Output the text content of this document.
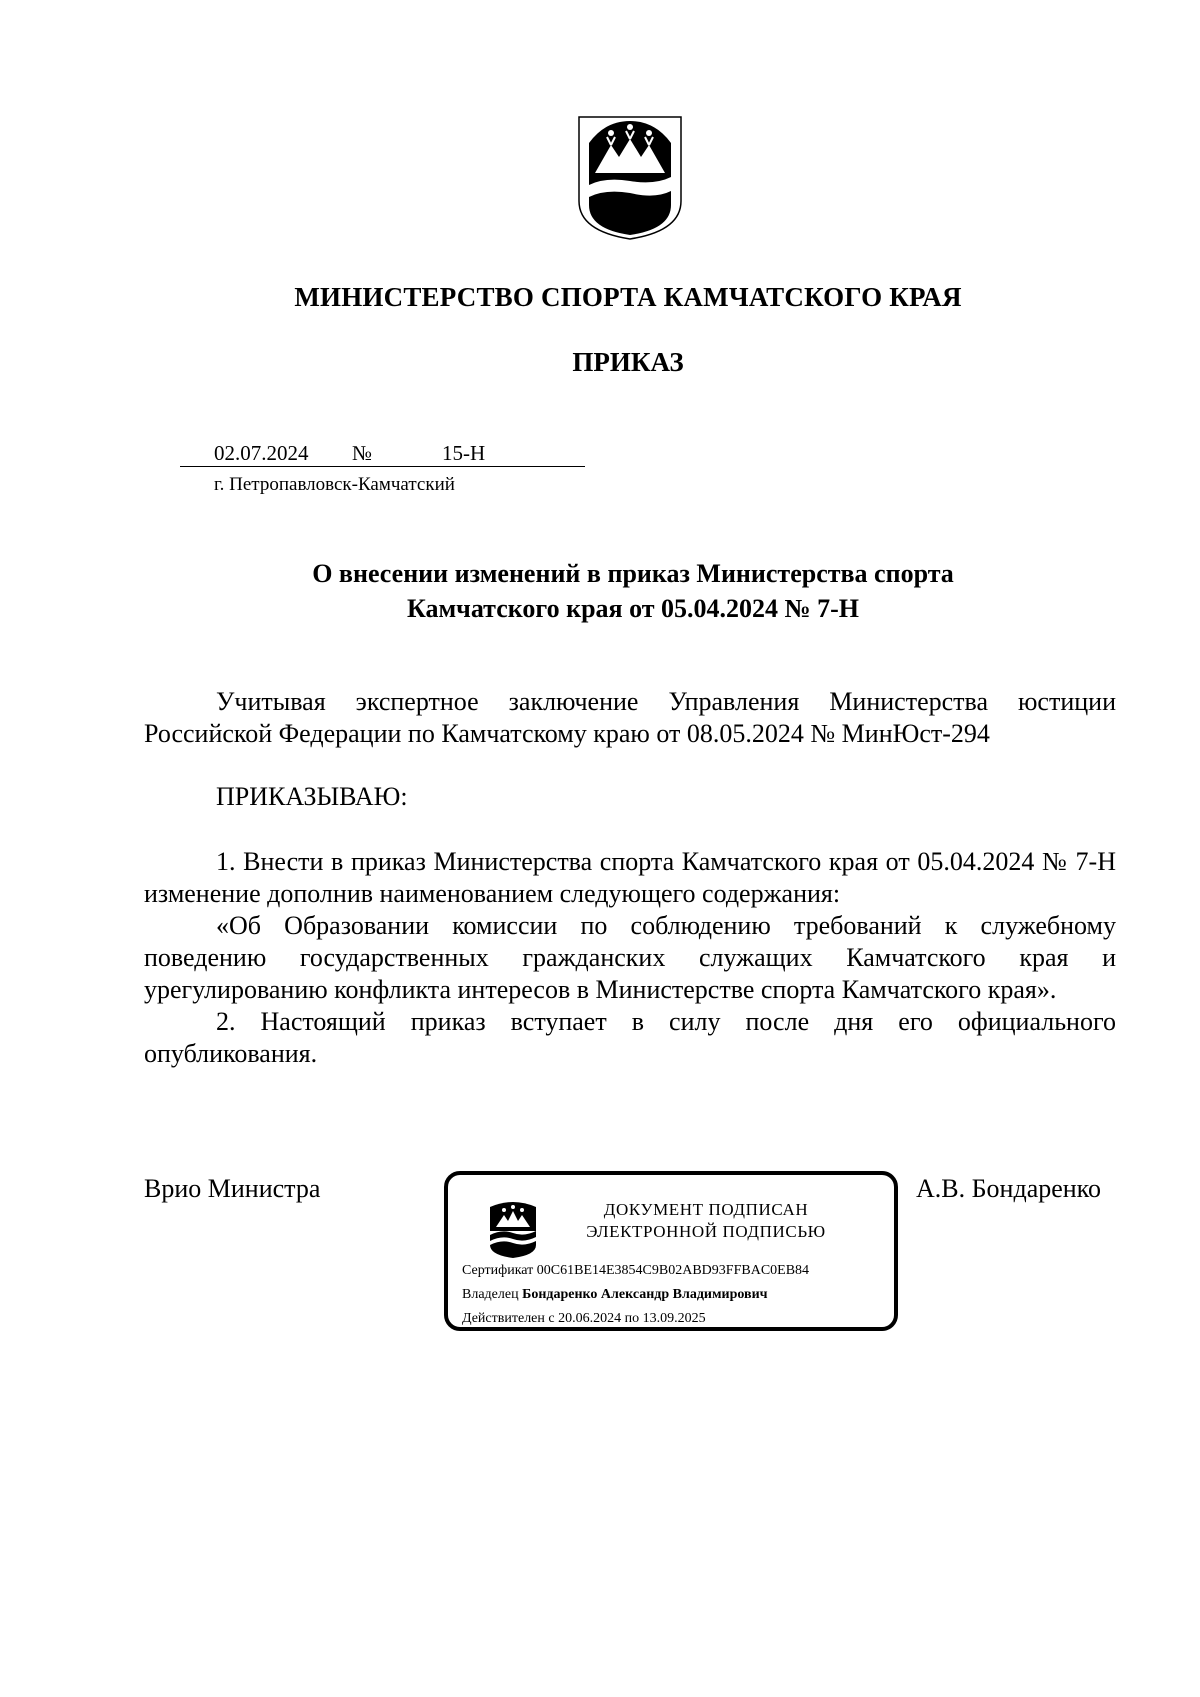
МИНИСТЕРСТВО СПОРТА КАМЧАТСКОГО КРАЯ
ПРИКАЗ
02.07.2024 №	15-Н
г. Петропавловск-Камчатский
О внесении изменений в приказ Министерства спорта
Камчатского края от 05.04.2024 № 7-Н

Учитывая экспертное заключение Управления Министерства юстиции Российской Федерации по Камчатскому краю от 08.05.2024 № МинЮст-294

ПРИКАЗЫВАЮ:

1. Внести в приказ Министерства спорта Камчатского края от 05.04.2024 № 7-Н изменение дополнив наименованием следующего содержания:

«Об Образовании комиссии по соблюдению требований к служебному поведению государственных гражданских служащих Камчатского края и урегулированию конфликта интересов в Министерстве спорта Камчатского края».

2. Настоящий приказ вступает в силу после дня его официального опубликования.

Врио Министра	А.В. Бондаренко
ДОКУМЕНТ ПОДПИСАН
ЭЛЕКТРОННОЙ ПОДПИСЬЮ
Сертификат 00C61BE14E3854C9B02ABD93FFBAC0EB84
Владелец Бондаренко Александр Владимирович
Действителен с 20.06.2024 по 13.09.2025
